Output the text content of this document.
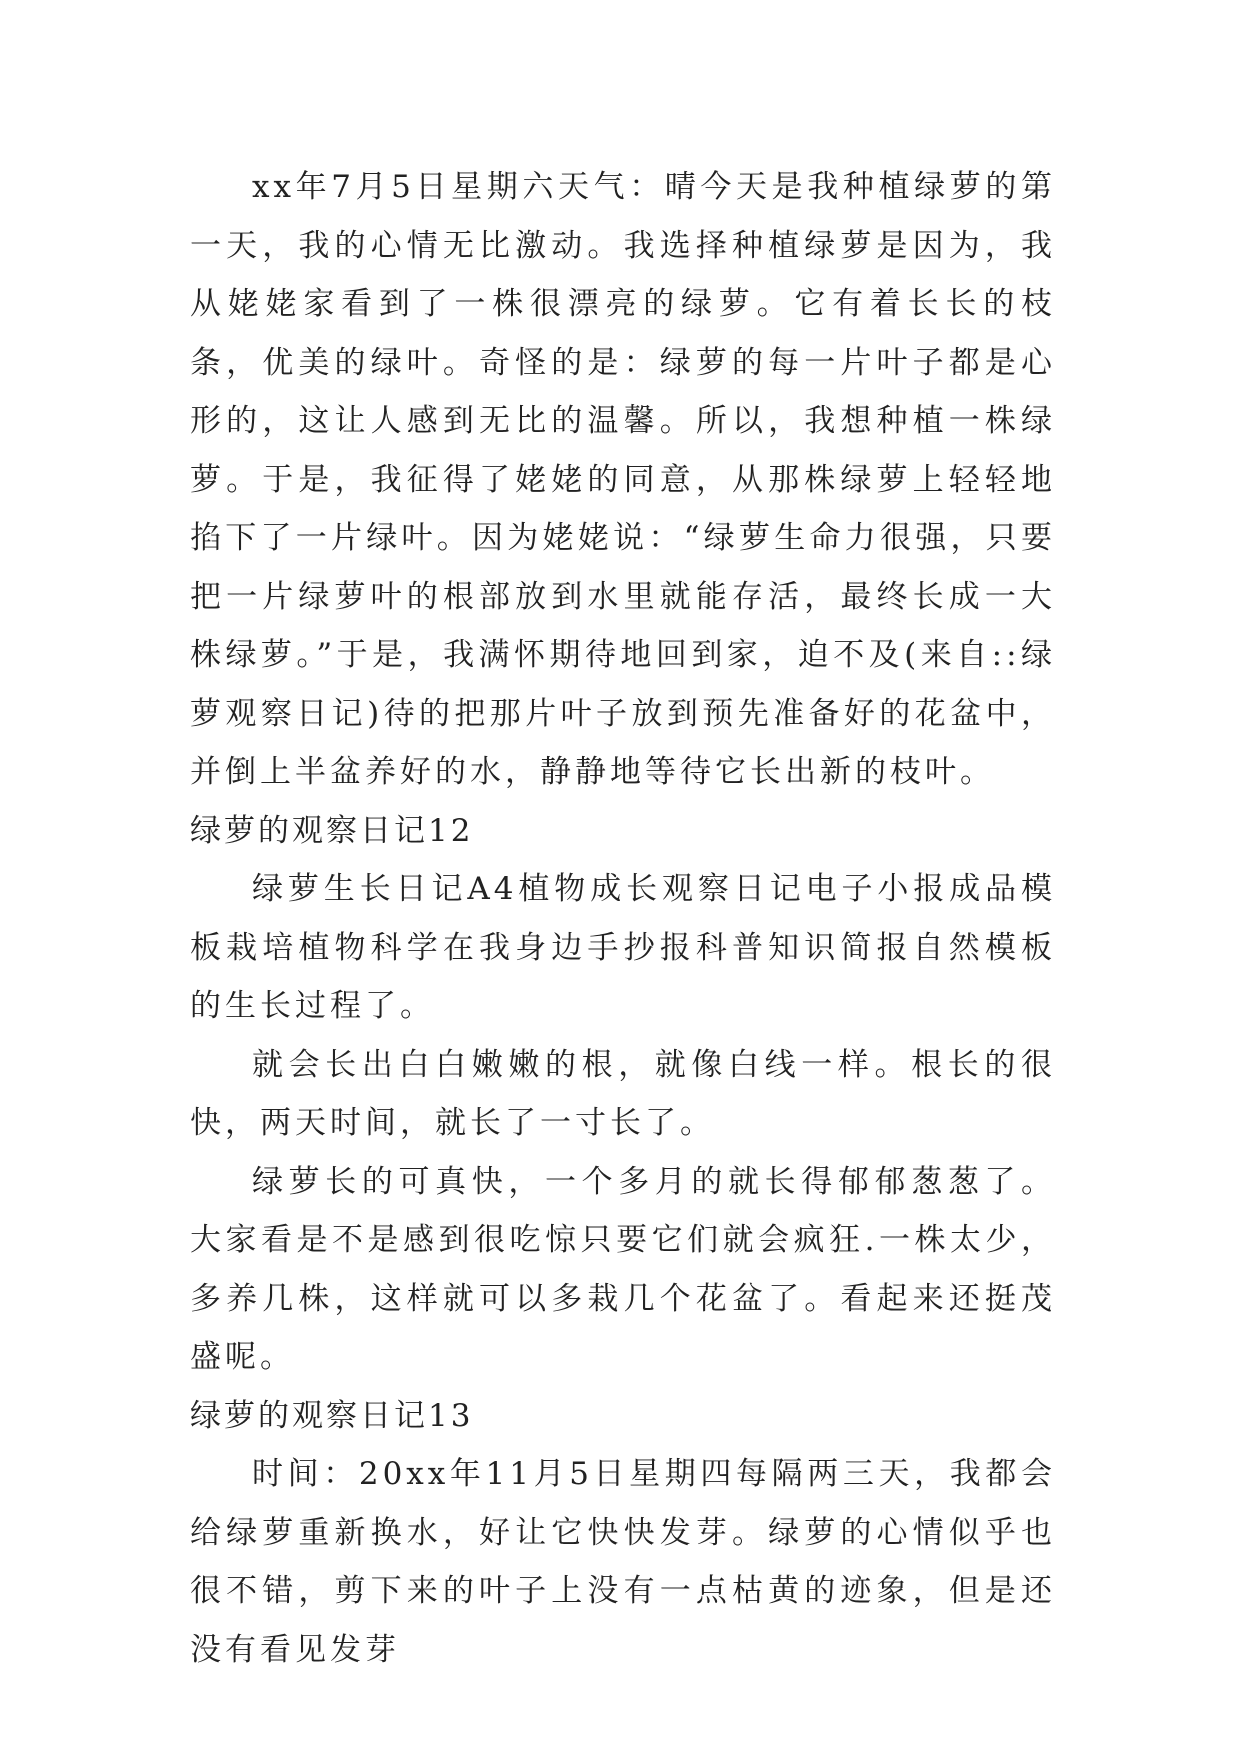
xx年7月5日星期六天气：晴今天是我种植绿萝的第一天，我的心情无比激动。我选择种植绿萝是因为，我从姥姥家看到了一株很漂亮的绿萝。它有着长长的枝条，优美的绿叶。奇怪的是：绿萝的每一片叶子都是心形的，这让人感到无比的温馨。所以，我想种植一株绿萝。于是，我征得了姥姥的同意，从那株绿萝上轻轻地掐下了一片绿叶。因为姥姥说：“绿萝生命力很强，只要把一片绿萝叶的根部放到水里就能存活，最终长成一大株绿萝。”于是，我满怀期待地回到家，迫不及(来自::绿萝观察日记)待的把那片叶子放到预先准备好的花盆中，并倒上半盆养好的水，静静地等待它长出新的枝叶。

绿萝的观察日记12

绿萝生长日记A4植物成长观察日记电子小报成品模板栽培植物科学在我身边手抄报科普知识简报自然模板的生长过程了。

就会长出白白嫩嫩的根，就像白线一样。根长的很快，两天时间，就长了一寸长了。

绿萝长的可真快，一个多月的就长得郁郁葱葱了。大家看是不是感到很吃惊只要它们就会疯狂.一株太少，多养几株，这样就可以多栽几个花盆了。看起来还挺茂盛呢。

绿萝的观察日记13

时间：20xx年11月5日星期四每隔两三天，我都会给绿萝重新换水，好让它快快发芽。绿萝的心情似乎也很不错，剪下来的叶子上没有一点枯黄的迹象，但是还没有看见发芽
